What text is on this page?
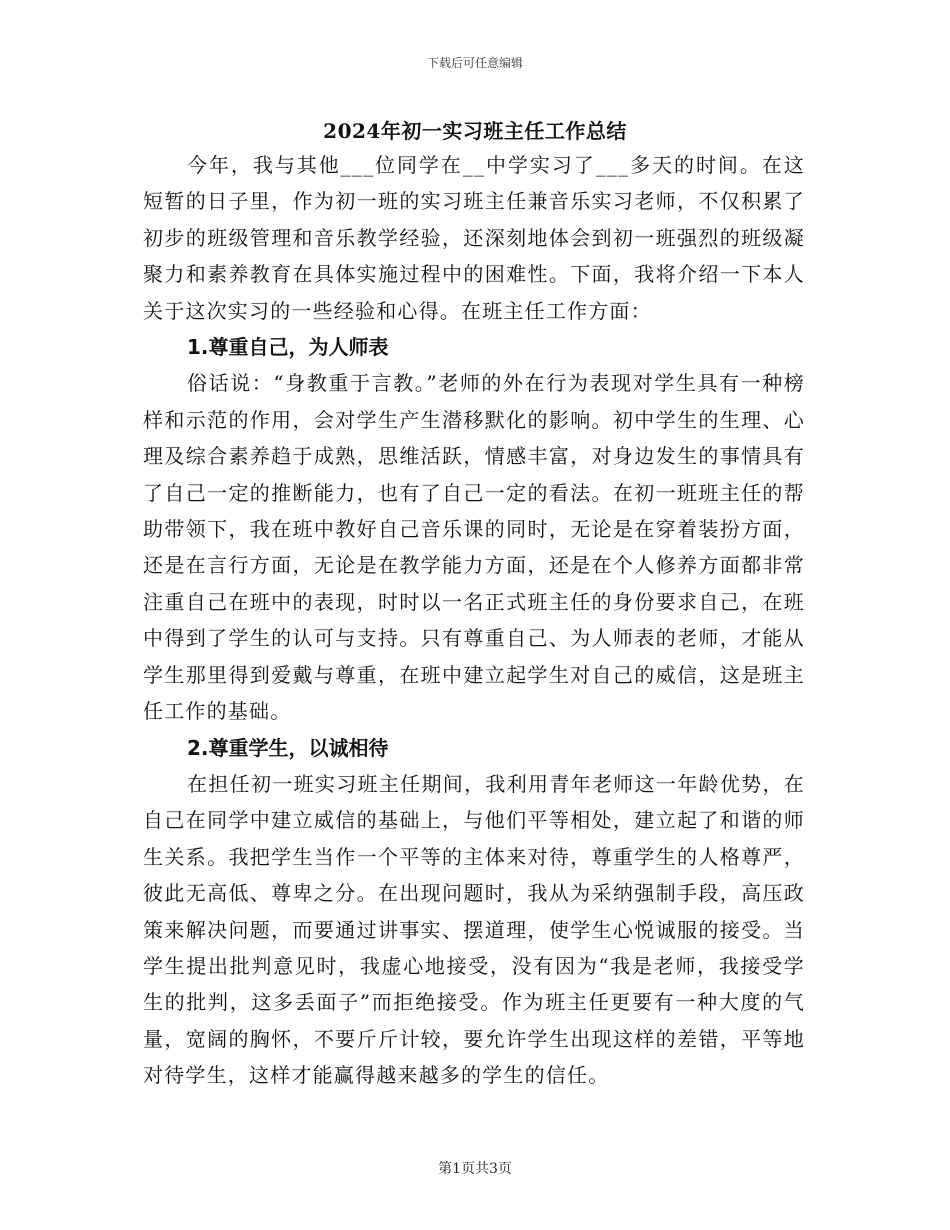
下载后可任意编辑
2024年初一实习班主任工作总结

今年，我与其他___位同学在__中学实习了___多天的时间。在这短暂的日子里，作为初一班的实习班主任兼音乐实习老师，不仅积累了初步的班级管理和音乐教学经验，还深刻地体会到初一班强烈的班级凝聚力和素养教育在具体实施过程中的困难性。下面，我将介绍一下本人关于这次实习的一些经验和心得。在班主任工作方面：

1.尊重自己，为人师表

俗话说：“身教重于言教。”老师的外在行为表现对学生具有一种榜样和示范的作用，会对学生产生潜移默化的影响。初中学生的生理、心理及综合素养趋于成熟，思维活跃，情感丰富，对身边发生的事情具有了自己一定的推断能力，也有了自己一定的看法。在初一班班主任的帮助带领下，我在班中教好自己音乐课的同时，无论是在穿着装扮方面，还是在言行方面，无论是在教学能力方面，还是在个人修养方面都非常注重自己在班中的表现，时时以一名正式班主任的身份要求自己，在班中得到了学生的认可与支持。只有尊重自己、为人师表的老师，才能从学生那里得到爱戴与尊重，在班中建立起学生对自己的威信，这是班主任工作的基础。

2.尊重学生，以诚相待

在担任初一班实习班主任期间，我利用青年老师这一年龄优势，在自己在同学中建立威信的基础上，与他们平等相处，建立起了和谐的师生关系。我把学生当作一个平等的主体来对待，尊重学生的人格尊严，彼此无高低、尊卑之分。在出现问题时，我从为采纳强制手段，高压政策来解决问题，而要通过讲事实、摆道理，使学生心悦诚服的接受。当学生提出批判意见时，我虚心地接受，没有因为“我是老师，我接受学生的批判，这多丢面子”而拒绝接受。作为班主任更要有一种大度的气量，宽阔的胸怀，不要斤斤计较，要允许学生出现这样的差错，平等地对待学生，这样才能赢得越来越多的学生的信任。

第1页共3页
